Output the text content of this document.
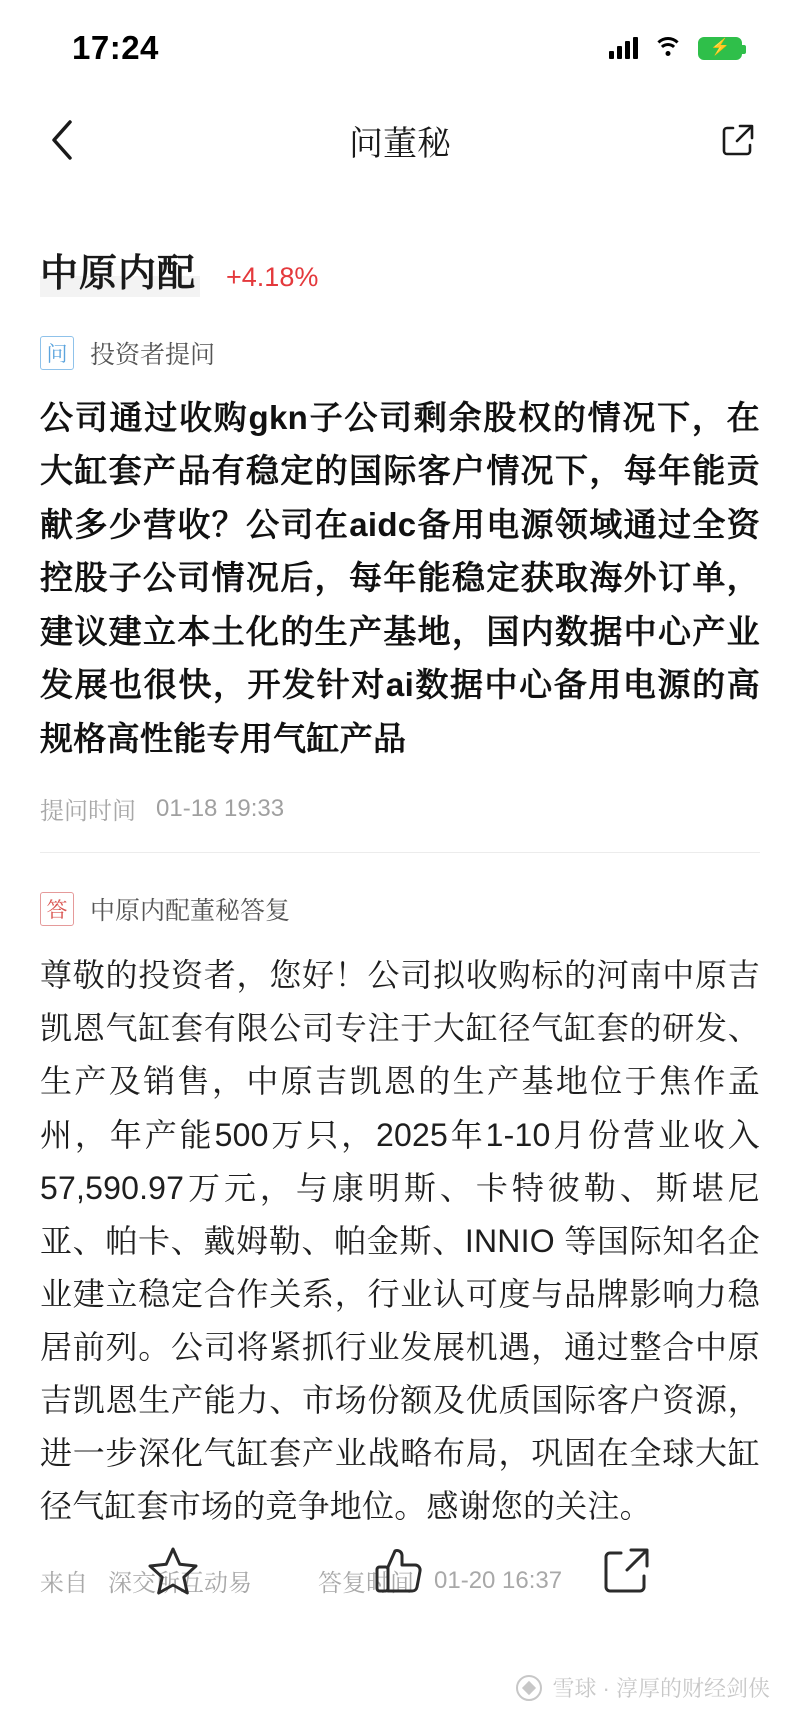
17:24	⚡
问董秘
中原内配 +4.18%
问 投资者提问
公司通过收购gkn子公司剩余股权的情况下，在大缸套产品有稳定的国际客户情况下，每年能贡献多少营收？公司在aidc备用电源领域通过全资控股子公司情况后，每年能稳定获取海外订单，建议建立本土化的生产基地，国内数据中心产业发展也很快，开发针对ai数据中心备用电源的高规格高性能专用气缸产品
提问时间 01-18 19:33
答 中原内配董秘答复
尊敬的投资者，您好！公司拟收购标的河南中原吉凯恩气缸套有限公司专注于大缸径气缸套的研发、生产及销售，中原吉凯恩的生产基地位于焦作孟州，年产能500万只，2025年1-10月份营业收入57,590.97万元，与康明斯、卡特彼勒、斯堪尼亚、帕卡、戴姆勒、帕金斯、INNIO 等国际知名企业建立稳定合作关系，行业认可度与品牌影响力稳居前列。公司将紧抓行业发展机遇，通过整合中原吉凯恩生产能力、市场份额及优质国际客户资源，进一步深化气缸套产业战略布局，巩固在全球大缸径气缸套市场的竞争地位。感谢您的关注。
来自 深交所互动易	答复时间 01-20 16:37
雪球 · 淳厚的财经剑侠
